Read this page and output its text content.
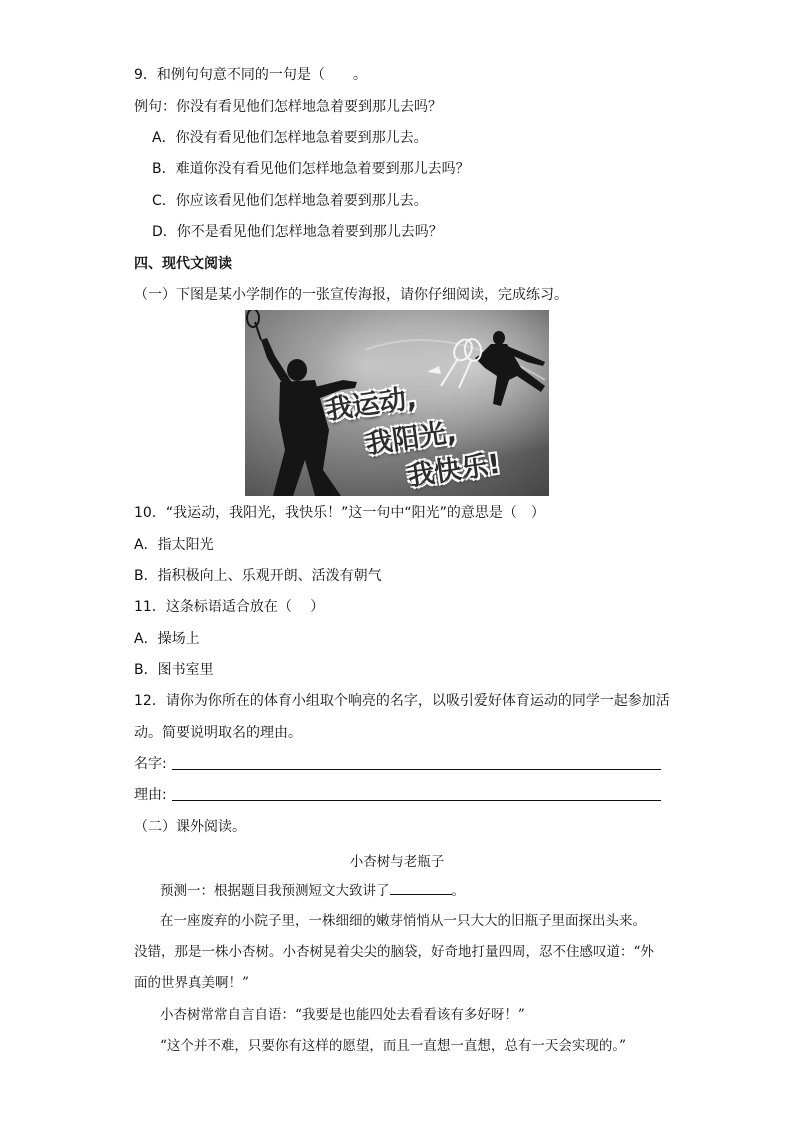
9．和例句句意不同的一句是（　　。
例句：你没有看见他们怎样地急着要到那儿去吗？
A．你没有看见他们怎样地急着要到那儿去。
B．难道你没有看见他们怎样地急着要到那儿去吗？
C．你应该看见他们怎样地急着要到那儿去。
D．你不是看见他们怎样地急着要到那儿去吗？
四、现代文阅读
（一）下图是某小学制作的一张宣传海报，请你仔细阅读，完成练习。
我运动,
我阳光,
我快乐!
10．“我运动，我阳光，我快乐！”这一句中“阳光”的意思是（　）
A．指太阳光
B．指积极向上、乐观开朗、活泼有朝气
11．这条标语适合放在（　 ）
A．操场上
B．图书室里
12．请你为你所在的体育小组取个响亮的名字，以吸引爱好体育运动的同学一起参加活
动。简要说明取名的理由。
名字:
理由:
（二）课外阅读。
小杏树与老瓶子
预测一：根据题目我预测短文大致讲了	。
在一座废弃的小院子里，一株细细的嫩芽悄悄从一只大大的旧瓶子里面探出头来。
没错，那是一株小杏树。小杏树晃着尖尖的脑袋，好奇地打量四周，忍不住感叹道：“外
面的世界真美啊！”
小杏树常常自言自语：“我要是也能四处去看看该有多好呀！”
“这个并不难，只要你有这样的愿望，而且一直想一直想，总有一天会实现的。”
